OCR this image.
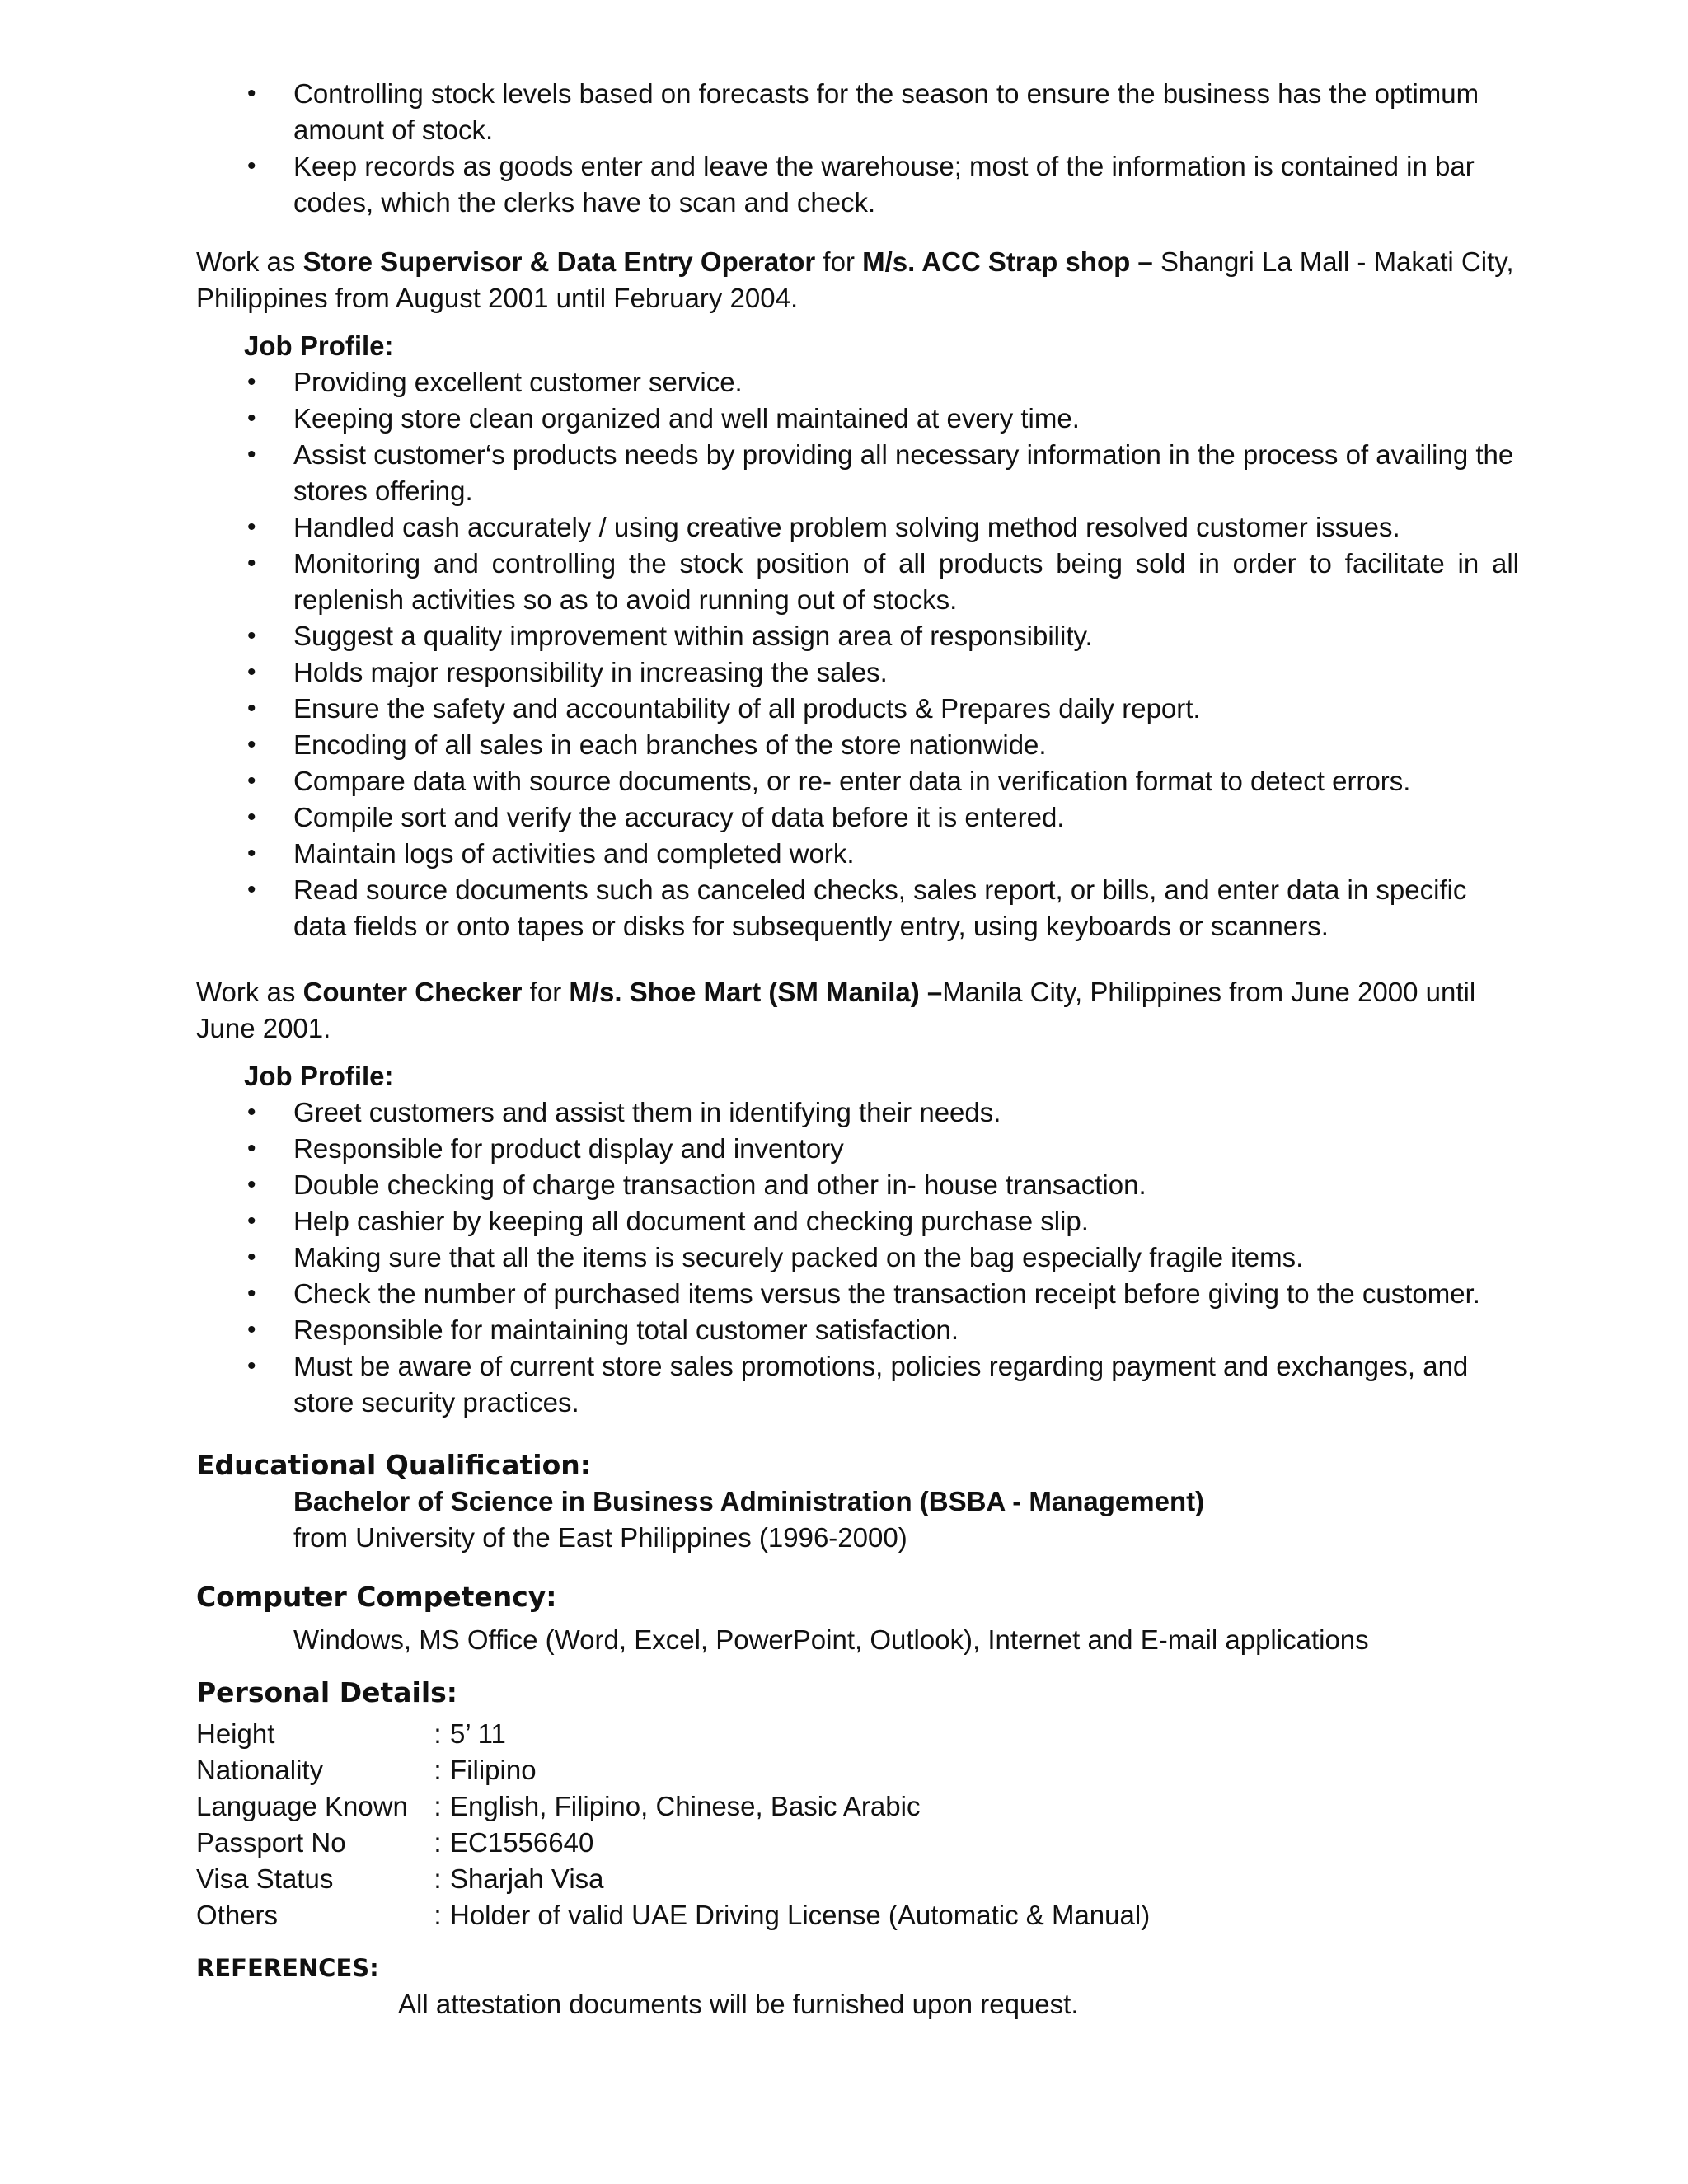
• Controlling stock levels based on forecasts for the season to ensure the business has the optimum amount of stock.
• Keep records as goods enter and leave the warehouse; most of the information is contained in bar codes, which the clerks have to scan and check.
Work as Store Supervisor & Data Entry Operator for M/s. ACC Strap shop – Shangri La Mall - Makati City, Philippines from August 2001 until February 2004.
Job Profile:
• Providing excellent customer service.
• Keeping store clean organized and well maintained at every time.
• Assist customer‘s products needs by providing all necessary information in the process of availing the stores offering.
• Handled cash accurately / using creative problem solving method resolved customer issues.
• Monitoring and controlling the stock position of all products being sold in order to facilitate in all replenish activities so as to avoid running out of stocks.
• Suggest a quality improvement within assign area of responsibility.
• Holds major responsibility in increasing the sales.
• Ensure the safety and accountability of all products & Prepares daily report.
• Encoding of all sales in each branches of the store nationwide.
• Compare data with source documents, or re- enter data in verification format to detect errors.
• Compile sort and verify the accuracy of data before it is entered.
• Maintain logs of activities and completed work.
• Read source documents such as canceled checks, sales report, or bills, and enter data in specific data fields or onto tapes or disks for subsequently entry, using keyboards or scanners.
Work as Counter Checker for M/s. Shoe Mart (SM Manila) –Manila City, Philippines from June 2000 until June 2001.
Job Profile:
• Greet customers and assist them in identifying their needs.
• Responsible for product display and inventory
• Double checking of charge transaction and other in- house transaction.
• Help cashier by keeping all document and checking purchase slip.
• Making sure that all the items is securely packed on the bag especially fragile items.
• Check the number of purchased items versus the transaction receipt before giving to the customer.
• Responsible for maintaining total customer satisfaction.
• Must be aware of current store sales promotions, policies regarding payment and exchanges, and store security practices.
Educational Qualification:
Bachelor of Science in Business Administration (BSBA - Management)
from University of the East Philippines (1996-2000)
Computer Competency:
Windows, MS Office (Word, Excel, PowerPoint, Outlook), Internet and E-mail applications
Personal Details:
Height	:	5’ 11
Nationality	:	Filipino
Language Known	:	English, Filipino, Chinese, Basic Arabic
Passport No	:	EC1556640
Visa Status	:	Sharjah Visa
Others	:	Holder of valid UAE Driving License (Automatic & Manual)
REFERENCES:
All attestation documents will be furnished upon request.
